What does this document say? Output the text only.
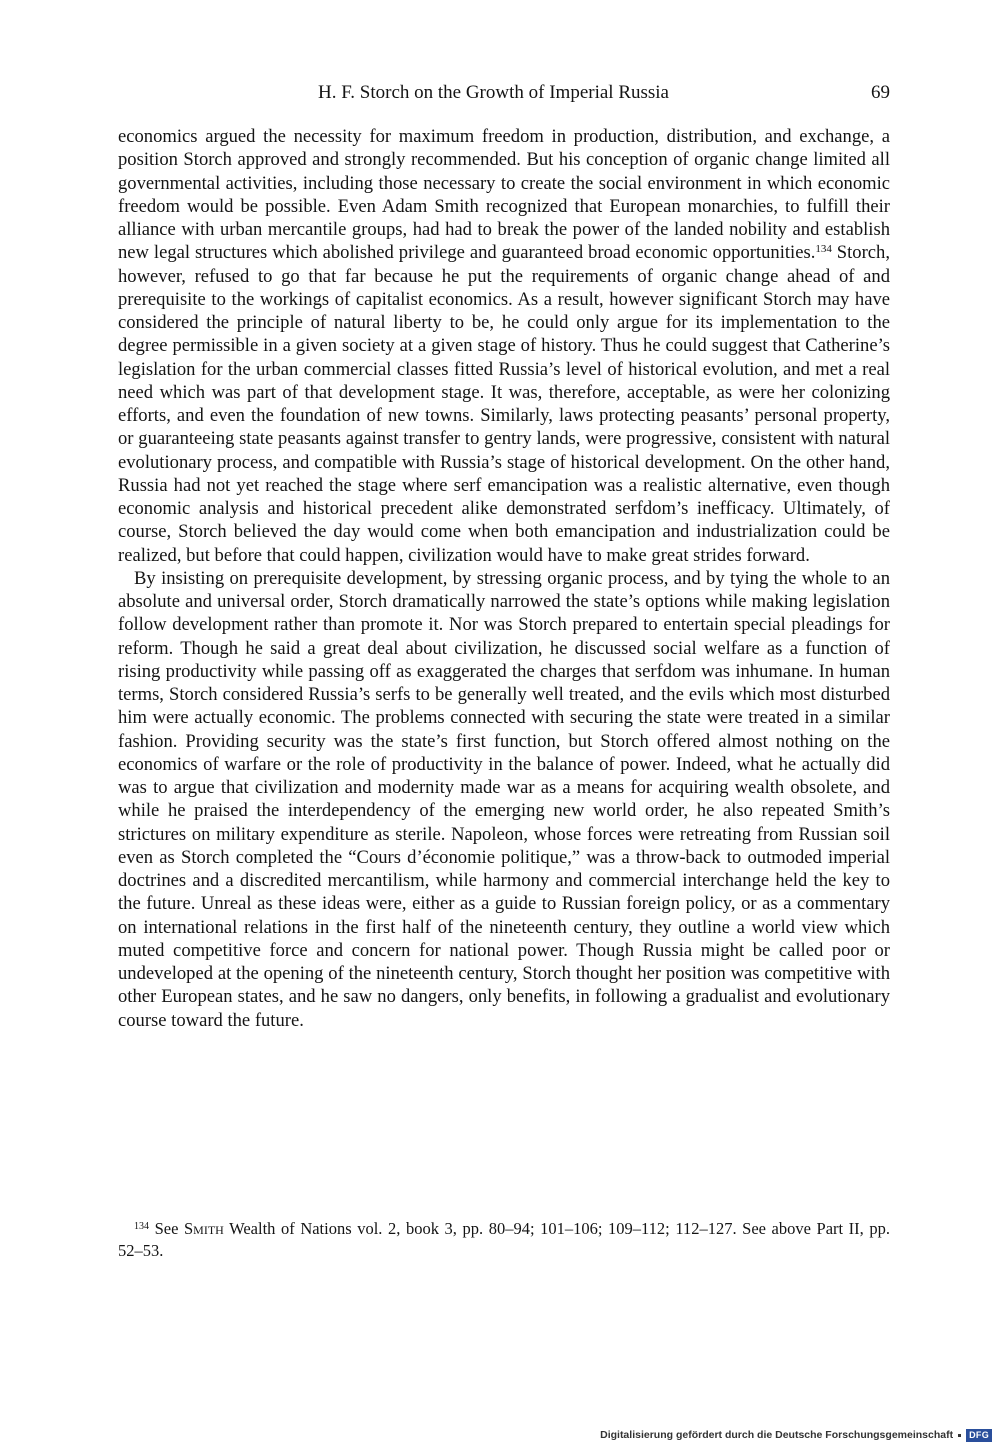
H. F. Storch on the Growth of Imperial Russia	69

economics argued the necessity for maximum freedom in production, distribution, and exchange, a position Storch approved and strongly recommended. But his conception of organic change limited all governmental activities, including those necessary to create the social environment in which economic freedom would be possible. Even Adam Smith recognized that European monarchies, to fulfill their alliance with urban mercantile groups, had had to break the power of the landed nobility and establish new legal structures which abolished privilege and guaranteed broad economic opportunities.$^{134}$ Storch, however, refused to go that far because he put the requirements of organic change ahead of and prerequisite to the workings of capitalist economics. As a result, however significant Storch may have considered the principle of natural liberty to be, he could only argue for its implementation to the degree permissible in a given society at a given stage of history. Thus he could suggest that Catherine’s legislation for the urban commercial classes fitted Russia’s level of historical evolution, and met a real need which was part of that development stage. It was, therefore, acceptable, as were her colonizing efforts, and even the foundation of new towns. Similarly, laws protecting peasants’ personal property, or guaranteeing state peasants against transfer to gentry lands, were progressive, consistent with natural evolutionary process, and compatible with Russia’s stage of historical development. On the other hand, Russia had not yet reached the stage where serf emancipation was a realistic alternative, even though economic analysis and historical precedent alike demonstrated serfdom’s inefficacy. Ultimately, of course, Storch believed the day would come when both emancipation and industrialization could be realized, but before that could happen, civilization would have to make great strides forward.

By insisting on prerequisite development, by stressing organic process, and by tying the whole to an absolute and universal order, Storch dramatically narrowed the state’s options while making legislation follow development rather than promote it. Nor was Storch prepared to entertain special pleadings for reform. Though he said a great deal about civilization, he discussed social welfare as a function of rising productivity while passing off as exaggerated the charges that serfdom was inhumane. In human terms, Storch considered Russia’s serfs to be generally well treated, and the evils which most disturbed him were actually economic. The problems connected with securing the state were treated in a similar fashion. Providing security was the state’s first function, but Storch offered almost nothing on the economics of warfare or the role of productivity in the balance of power. Indeed, what he actually did was to argue that civilization and modernity made war as a means for acquiring wealth obsolete, and while he praised the interdependency of the emerging new world order, he also repeated Smith’s strictures on military expenditure as sterile. Napoleon, whose forces were retreating from Russian soil even as Storch completed the “Cours d’économie politique,” was a throw-back to outmoded imperial doctrines and a discredited mercantilism, while harmony and commercial interchange held the key to the future. Unreal as these ideas were, either as a guide to Russian foreign policy, or as a commentary on international relations in the first half of the nineteenth century, they outline a world view which muted competitive force and concern for national power. Though Russia might be called poor or undeveloped at the opening of the nineteenth century, Storch thought her position was competitive with other European states, and he saw no dangers, only benefits, in following a gradualist and evolutionary course toward the future.

$^{134}$ See Smith Wealth of Nations vol. 2, book 3, pp. 80–94; 101–106; 109–112; 112–127. See above Part II, pp. 52–53.
Digitalisierung gefördert durch die Deutsche Forschungsgemeinschaft	DFG
